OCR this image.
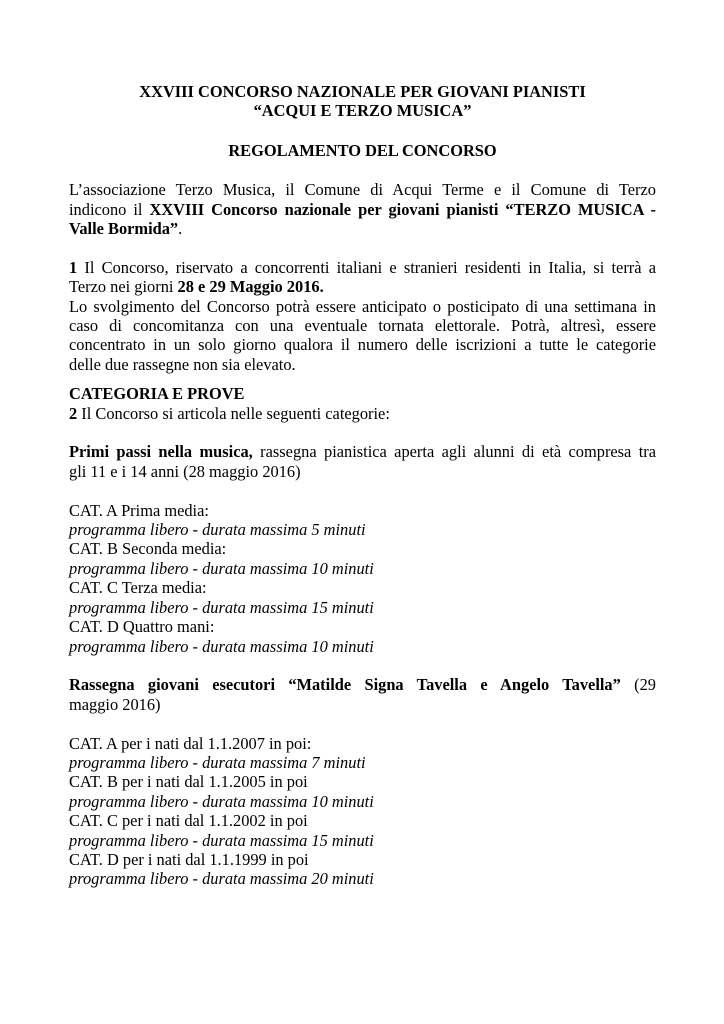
XXVIII CONCORSO NAZIONALE PER GIOVANI PIANISTI
“ACQUI E TERZO MUSICA”
REGOLAMENTO DEL CONCORSO
L’associazione Terzo Musica, il Comune di Acqui Terme e il Comune di Terzo
indicono il XXVIII Concorso nazionale per giovani pianisti “TERZO MUSICA -
Valle Bormida”.
1 Il Concorso, riservato a concorrenti italiani e stranieri residenti in Italia, si terrà a
Terzo nei giorni 28 e 29 Maggio 2016.
Lo svolgimento del Concorso potrà essere anticipato o posticipato di una settimana in
caso di concomitanza con una eventuale tornata elettorale. Potrà, altresì, essere
concentrato in un solo giorno qualora il numero delle iscrizioni a tutte le categorie
delle due rassegne non sia elevato.
CATEGORIA E PROVE
2 Il Concorso si articola nelle seguenti categorie:
Primi passi nella musica, rassegna pianistica aperta agli alunni di età compresa tra
gli 11 e i 14 anni (28 maggio 2016)
CAT. A Prima media:
programma libero - durata massima 5 minuti
CAT. B Seconda media:
programma libero - durata massima 10 minuti
CAT. C Terza media:
programma libero - durata massima 15 minuti
CAT. D Quattro mani:
programma libero - durata massima 10 minuti
Rassegna giovani esecutori “Matilde Signa Tavella e Angelo Tavella” (29
maggio 2016)
CAT. A per i nati dal 1.1.2007 in poi:
programma libero - durata massima 7 minuti
CAT. B per i nati dal 1.1.2005 in poi
programma libero - durata massima 10 minuti
CAT. C per i nati dal 1.1.2002 in poi
programma libero - durata massima 15 minuti
CAT. D per i nati dal 1.1.1999 in poi
programma libero - durata massima 20 minuti
